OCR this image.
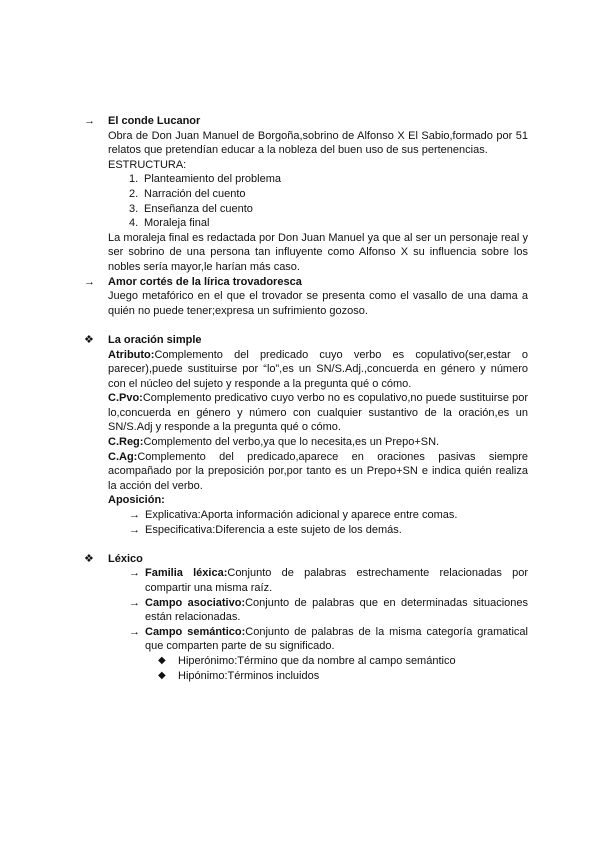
→ El conde Lucanor

Obra de Don Juan Manuel de Borgoña,sobrino de Alfonso X El Sabio,formado por 51 relatos que pretendían educar a la nobleza del buen uso de sus pertenencias.

ESTRUCTURA:

1. Planteamiento del problema
2. Narración del cuento
3. Enseñanza del cuento
4. Moraleja final

La moraleja final es redactada por Don Juan Manuel ya que al ser un personaje real y ser sobrino de una persona tan influyente como Alfonso X su influencia sobre los nobles sería mayor,le harían más caso.

→ Amor cortés de la lírica trovadoresca

Juego metafórico en el que el trovador se presenta como el vasallo de una dama a quién no puede tener;expresa un sufrimiento gozoso.

❖ La oración simple

Atributo:Complemento del predicado cuyo verbo es copulativo(ser,estar o parecer),puede sustituirse por “lo”,es un SN/S.Adj.,concuerda en género y número con el núcleo del sujeto y responde a la pregunta qué o cómo.

C.Pvo:Complemento predicativo cuyo verbo no es copulativo,no puede sustituirse por lo,concuerda en género y número con cualquier sustantivo de la oración,es un SN/S.Adj y responde a la pregunta qué o cómo.

C.Reg:Complemento del verbo,ya que lo necesita,es un Prepo+SN.

C.Ag:Complemento del predicado,aparece en oraciones pasivas siempre acompañado por la preposición por,por tanto es un Prepo+SN e indica quién realiza la acción del verbo.

Aposición:

→ Explicativa:Aporta información adicional y aparece entre comas.

→ Especificativa:Diferencia a este sujeto de los demás.

❖ Léxico

→ Familia léxica:Conjunto de palabras estrechamente relacionadas por compartir una misma raíz.

→ Campo asociativo:Conjunto de palabras que en determinadas situaciones están relacionadas.

→ Campo semántico:Conjunto de palabras de la misma categoría gramatical que comparten parte de su significado.

◆ Hiperónimo:Término que da nombre al campo semántico

◆ Hipónimo:Términos incluidos
